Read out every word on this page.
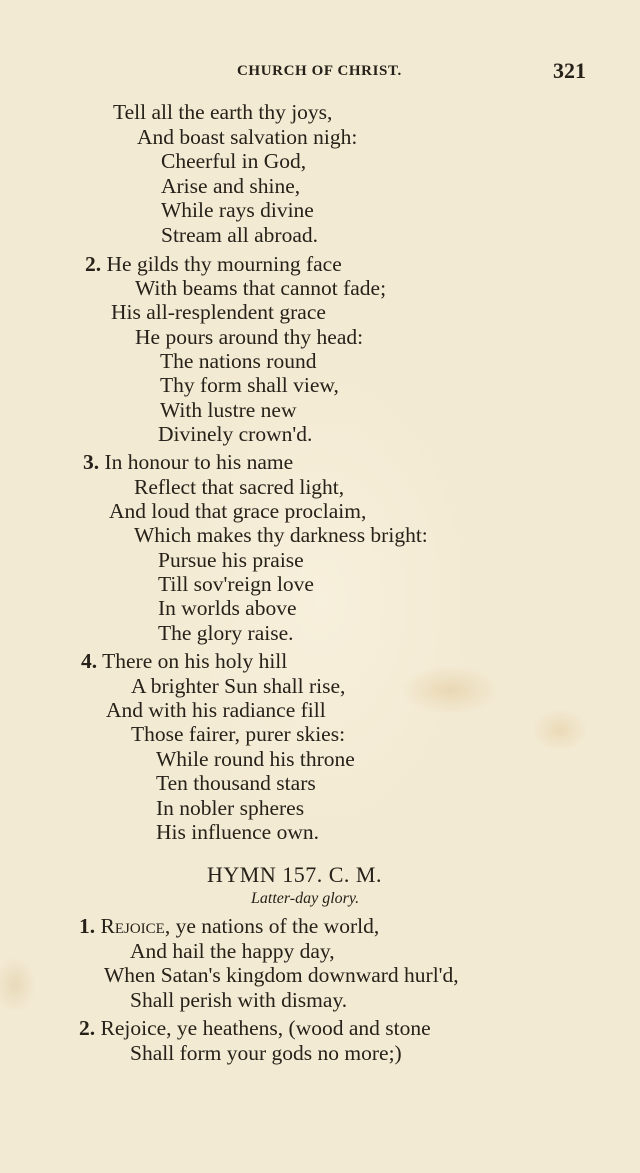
CHURCH OF CHRIST.	321
Tell all the earth thy joys,
And boast salvation nigh:
Cheerful in God,
Arise and shine,
While rays divine
Stream all abroad.
2. He gilds thy mourning face
With beams that cannot fade;
His all-resplendent grace
He pours around thy head:
The nations round
Thy form shall view,
With lustre new
Divinely crown'd.
3. In honour to his name
Reflect that sacred light,
And loud that grace proclaim,
Which makes thy darkness bright:
Pursue his praise
Till sov'reign love
In worlds above
The glory raise.
4. There on his holy hill
A brighter Sun shall rise,
And with his radiance fill
Those fairer, purer skies:
While round his throne
Ten thousand stars
In nobler spheres
His influence own.
HYMN 157. C. M.
Latter-day glory.
1. Rejoice, ye nations of the world,
And hail the happy day,
When Satan's kingdom downward hurl'd,
Shall perish with dismay.
2. Rejoice, ye heathens, (wood and stone
Shall form your gods no more;)
